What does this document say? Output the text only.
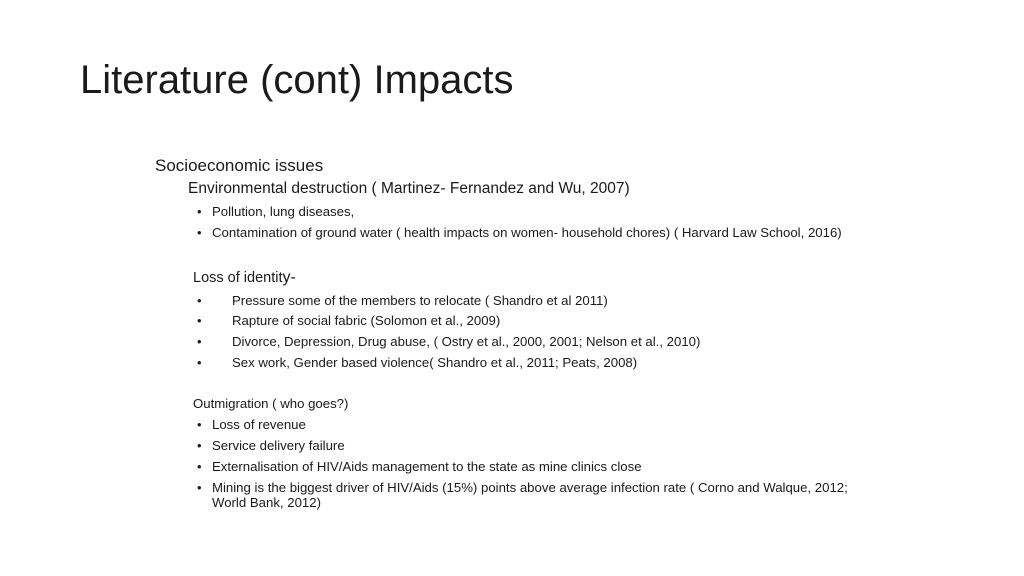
Literature (cont) Impacts
Socioeconomic issues
Environmental destruction ( Martinez- Fernandez and Wu, 2007)
• Pollution, lung diseases,
• Contamination of ground water ( health impacts on women- household chores) ( Harvard Law School, 2016)
Loss of identity-
• Pressure some of the members to relocate ( Shandro et al 2011)
• Rapture of social fabric (Solomon et al., 2009)
• Divorce, Depression, Drug abuse, ( Ostry et al., 2000, 2001; Nelson et al., 2010)
• Sex work, Gender based violence( Shandro et al., 2011; Peats, 2008)
Outmigration ( who goes?)
• Loss of revenue
• Service delivery failure
• Externalisation of HIV/Aids management to the state as mine clinics close
• Mining is the biggest driver of HIV/Aids (15%) points above average infection rate ( Corno and Walque, 2012;
World Bank, 2012)
